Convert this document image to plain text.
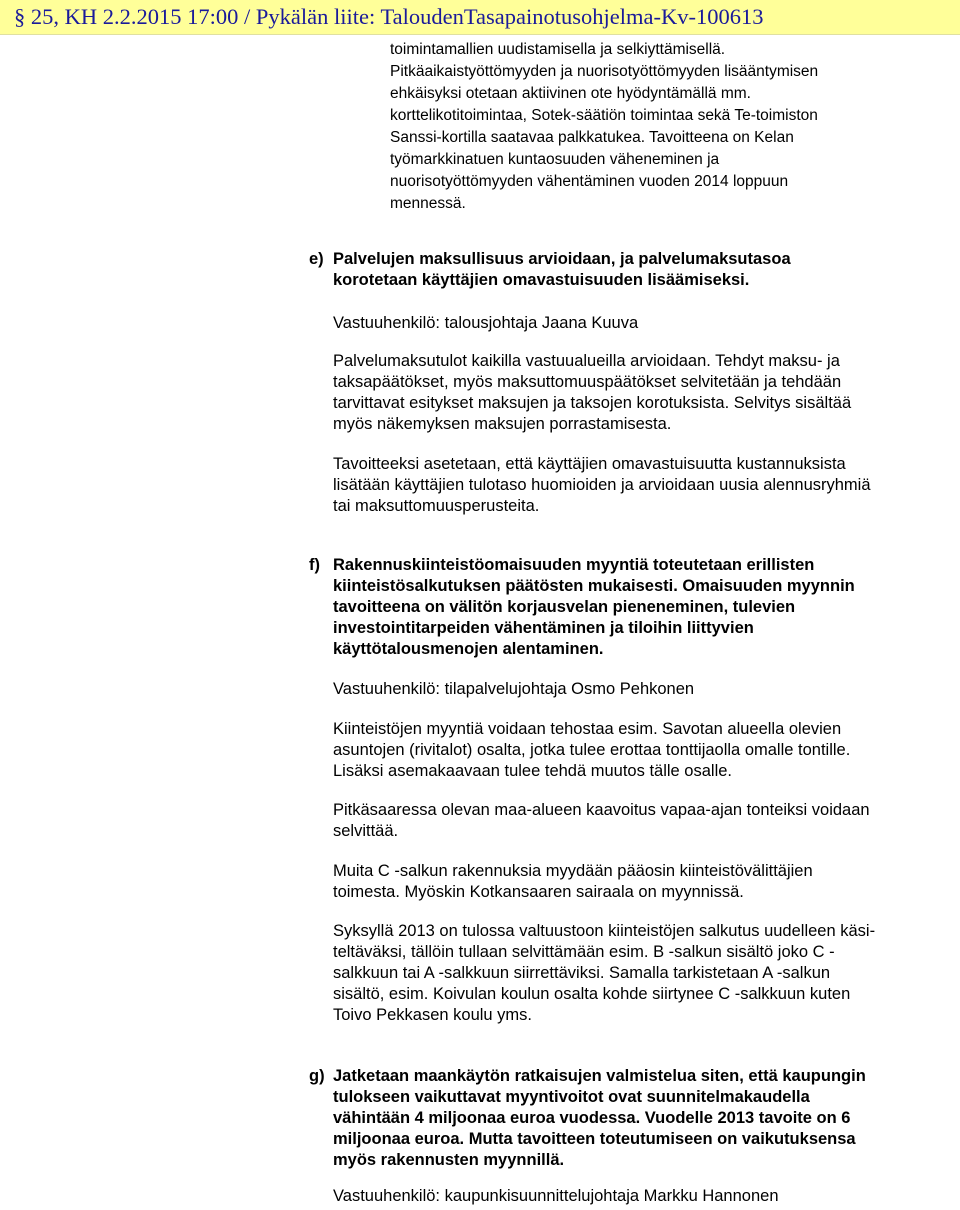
§ 25, KH 2.2.2015 17:00 / Pykälän liite: TaloudenTasapainotusohjelma-Kv-100613
toimintamallien uudistamisella ja selkiyttämisellä.
Pitkäaikaistyöttömyyden ja nuorisotyöttömyyden lisääntymisen
ehkäisyksi otetaan aktiivinen ote hyödyntämällä mm.
korttelikotitoimintaa, Sotek-säätiön toimintaa sekä Te-toimiston
Sanssi-kortilla saatavaa palkkatukea. Tavoitteena on Kelan
työmarkkinatuen kuntaosuuden väheneminen ja
nuorisotyöttömyyden vähentäminen vuoden 2014 loppuun
mennessä.
e) Palvelujen maksullisuus arvioidaan, ja palvelumaksutasoa
korotetaan käyttäjien omavastuisuuden lisäämiseksi.
Vastuuhenkilö: talousjohtaja Jaana Kuuva
Palvelumaksutulot kaikilla vastuualueilla arvioidaan. Tehdyt maksu- ja
taksapäätökset, myös maksuttomuuspäätökset selvitetään ja tehdään
tarvittavat esitykset maksujen ja taksojen korotuksista. Selvitys sisältää
myös näkemyksen maksujen porrastamisesta.
Tavoitteeksi asetetaan, että käyttäjien omavastuisuutta kustannuksista
lisätään käyttäjien tulotaso huomioiden ja arvioidaan uusia alennusryhmiä
tai maksuttomuusperusteita.
f) Rakennuskiinteistöomaisuuden myyntiä toteutetaan erillisten
kiinteistösalkutuksen päätösten mukaisesti. Omaisuuden myynnin
tavoitteena on välitön korjausvelan pieneneminen, tulevien
investointitarpeiden vähentäminen ja tiloihin liittyvien
käyttötalousmenojen alentaminen.
Vastuuhenkilö: tilapalvelujohtaja Osmo Pehkonen
Kiinteistöjen myyntiä voidaan tehostaa esim. Savotan alueella olevien
asuntojen (rivitalot) osalta, jotka tulee erottaa tonttijaolla omalle tontille.
Lisäksi asemakaavaan tulee tehdä muutos tälle osalle.
Pitkäsaaressa olevan maa-alueen kaavoitus vapaa-ajan tonteiksi voidaan
selvittää.
Muita C -salkun rakennuksia myydään pääosin kiinteistövälittäjien
toimesta. Myöskin Kotkansaaren sairaala on myynnissä.
Syksyllä 2013 on tulossa valtuustoon kiinteistöjen salkutus uudelleen käsi-
teltäväksi, tällöin tullaan selvittämään esim. B -salkun sisältö joko C -
salkkuun tai A -salkkuun siirrettäviksi. Samalla tarkistetaan A -salkun
sisältö, esim. Koivulan koulun osalta kohde siirtynee C -salkkuun kuten
Toivo Pekkasen koulu yms.
g) Jatketaan maankäytön ratkaisujen valmistelua siten, että kaupungin
tulokseen vaikuttavat myyntivoitot ovat suunnitelmakaudella
vähintään 4 miljoonaa euroa vuodessa. Vuodelle 2013 tavoite on 6
miljoonaa euroa. Mutta tavoitteen toteutumiseen on vaikutuksensa
myös rakennusten myynnillä.
Vastuuhenkilö: kaupunkisuunnittelujohtaja Markku Hannonen
